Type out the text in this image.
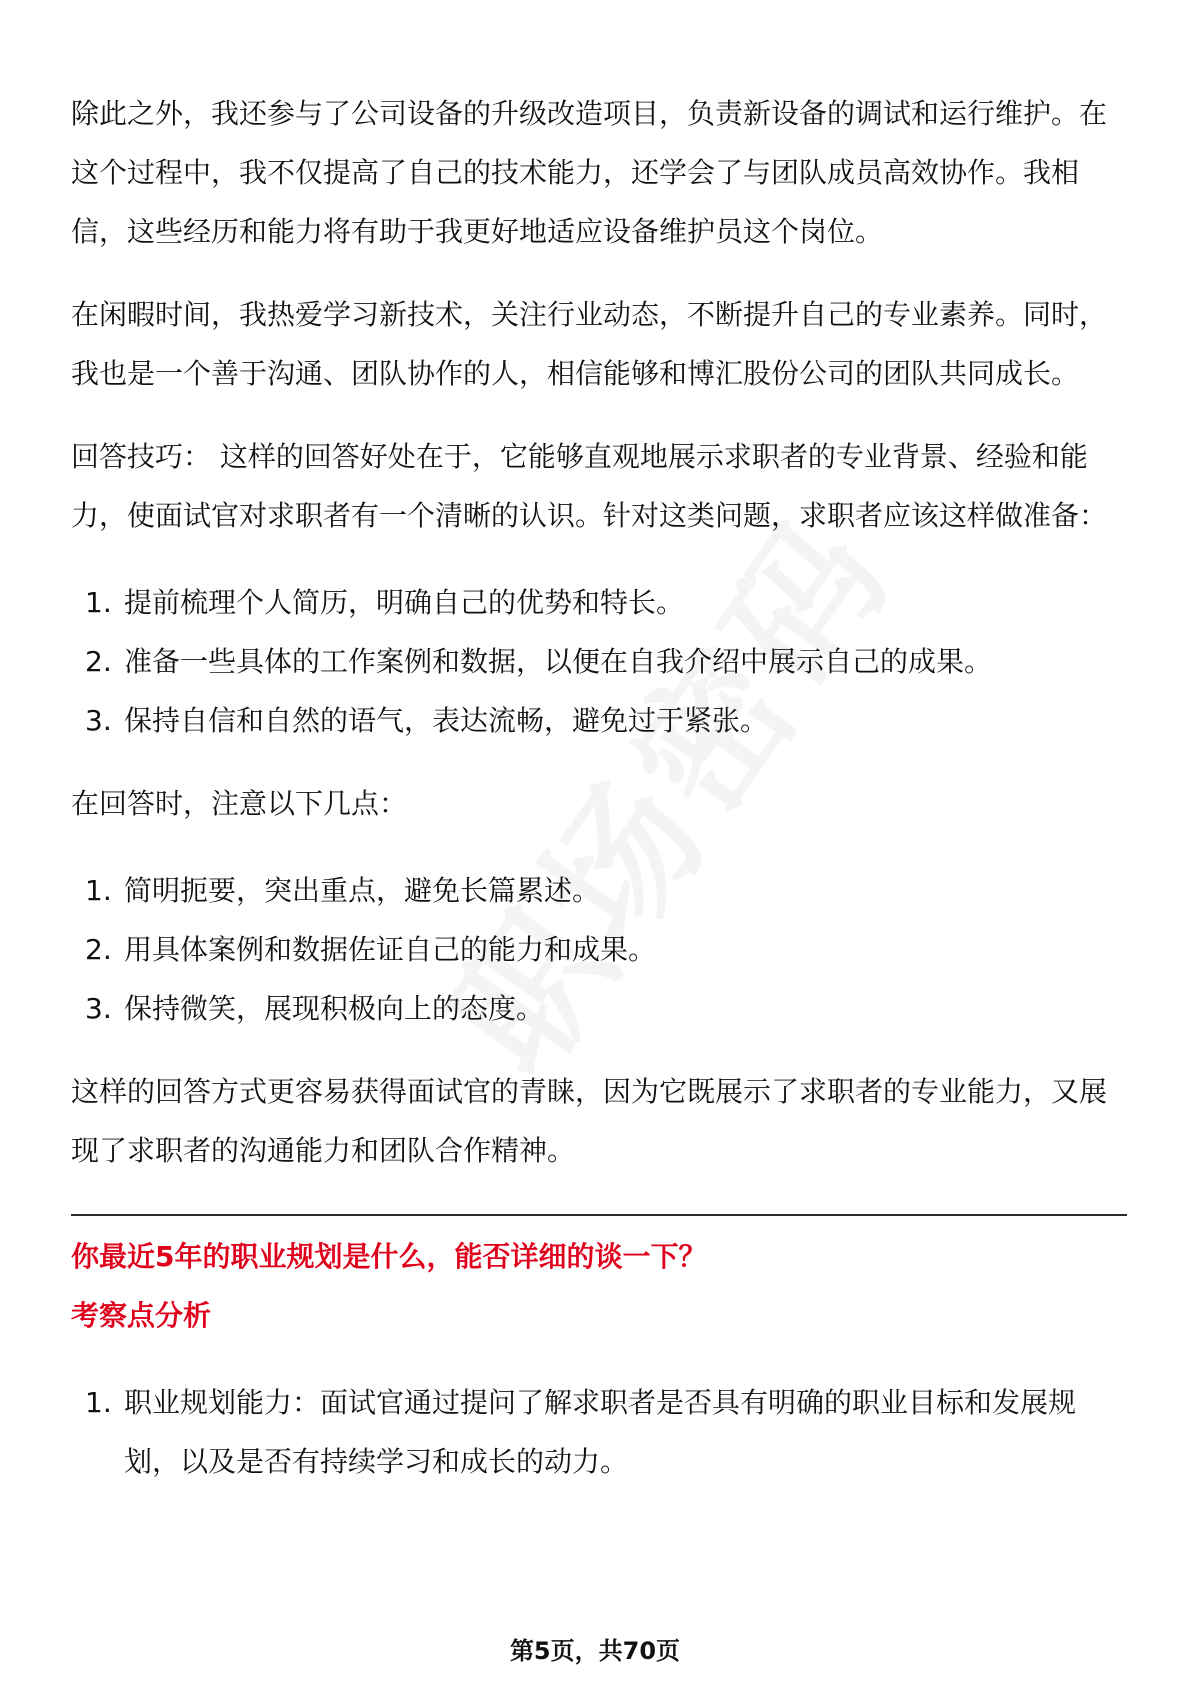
除此之外，我还参与了公司设备的升级改造项目，负责新设备的调试和运行维护。在这个过程中，我不仅提高了自己的技术能力，还学会了与团队成员高效协作。我相信，这些经历和能力将有助于我更好地适应设备维护员这个岗位。

在闲暇时间，我热爱学习新技术，关注行业动态，不断提升自己的专业素养。同时，我也是一个善于沟通、团队协作的人，相信能够和博汇股份公司的团队共同成长。

回答技巧： 这样的回答好处在于，它能够直观地展示求职者的专业背景、经验和能力，使面试官对求职者有一个清晰的认识。针对这类问题，求职者应该这样做准备：

1. 提前梳理个人简历，明确自己的优势和特长。
2. 准备一些具体的工作案例和数据，以便在自我介绍中展示自己的成果。
3. 保持自信和自然的语气，表达流畅，避免过于紧张。

在回答时，注意以下几点：

1. 简明扼要，突出重点，避免长篇累述。
2. 用具体案例和数据佐证自己的能力和成果。
3. 保持微笑，展现积极向上的态度。

这样的回答方式更容易获得面试官的青睐，因为它既展示了求职者的专业能力，又展现了求职者的沟通能力和团队合作精神。

你最近5年的职业规划是什么，能否详细的谈一下？

考察点分析

1. 职业规划能力：面试官通过提问了解求职者是否具有明确的职业目标和发展规划，以及是否有持续学习和成长的动力。
第5页，共70页
